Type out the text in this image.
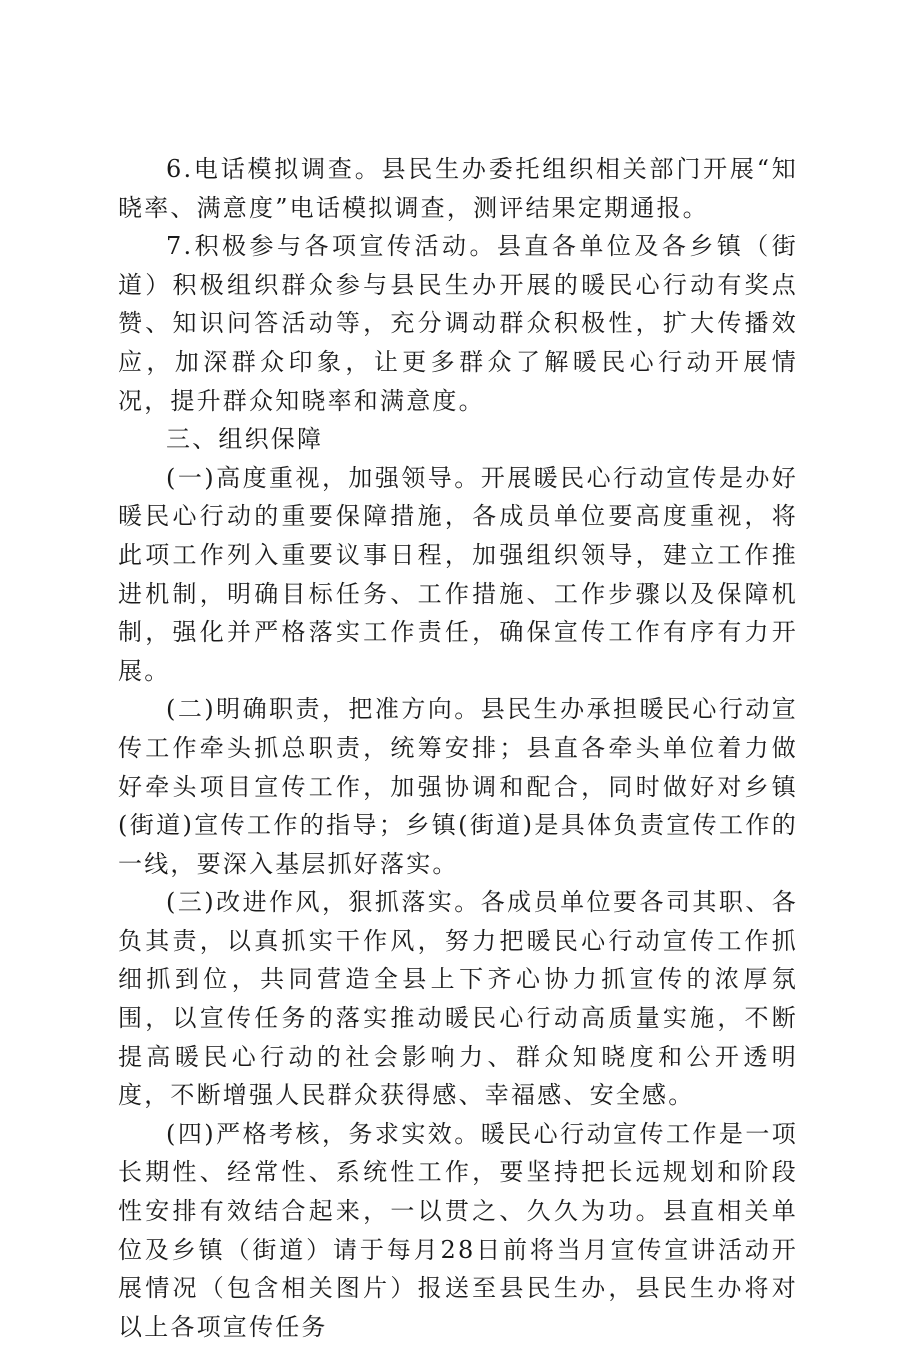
6.电话模拟调查。县民生办委托组织相关部门开展“知晓率、满意度”电话模拟调查，测评结果定期通报。

7.积极参与各项宣传活动。县直各单位及各乡镇（街道）积极组织群众参与县民生办开展的暖民心行动有奖点赞、知识问答活动等，充分调动群众积极性，扩大传播效应，加深群众印象，让更多群众了解暖民心行动开展情况，提升群众知晓率和满意度。

三、组织保障

(一)高度重视，加强领导。开展暖民心行动宣传是办好暖民心行动的重要保障措施，各成员单位要高度重视，将此项工作列入重要议事日程，加强组织领导，建立工作推进机制，明确目标任务、工作措施、工作步骤以及保障机制，强化并严格落实工作责任，确保宣传工作有序有力开展。

(二)明确职责，把准方向。县民生办承担暖民心行动宣传工作牵头抓总职责，统筹安排；县直各牵头单位着力做好牵头项目宣传工作，加强协调和配合，同时做好对乡镇(街道)宣传工作的指导；乡镇(街道)是具体负责宣传工作的一线，要深入基层抓好落实。

(三)改进作风，狠抓落实。各成员单位要各司其职、各负其责，以真抓实干作风，努力把暖民心行动宣传工作抓细抓到位，共同营造全县上下齐心协力抓宣传的浓厚氛围，以宣传任务的落实推动暖民心行动高质量实施，不断提高暖民心行动的社会影响力、群众知晓度和公开透明度，不断增强人民群众获得感、幸福感、安全感。

(四)严格考核，务求实效。暖民心行动宣传工作是一项长期性、经常性、系统性工作，要坚持把长远规划和阶段性安排有效结合起来，一以贯之、久久为功。县直相关单位及乡镇（街道）请于每月28日前将当月宣传宣讲活动开展情况（包含相关图片）报送至县民生办，县民生办将对以上各项宣传任务
